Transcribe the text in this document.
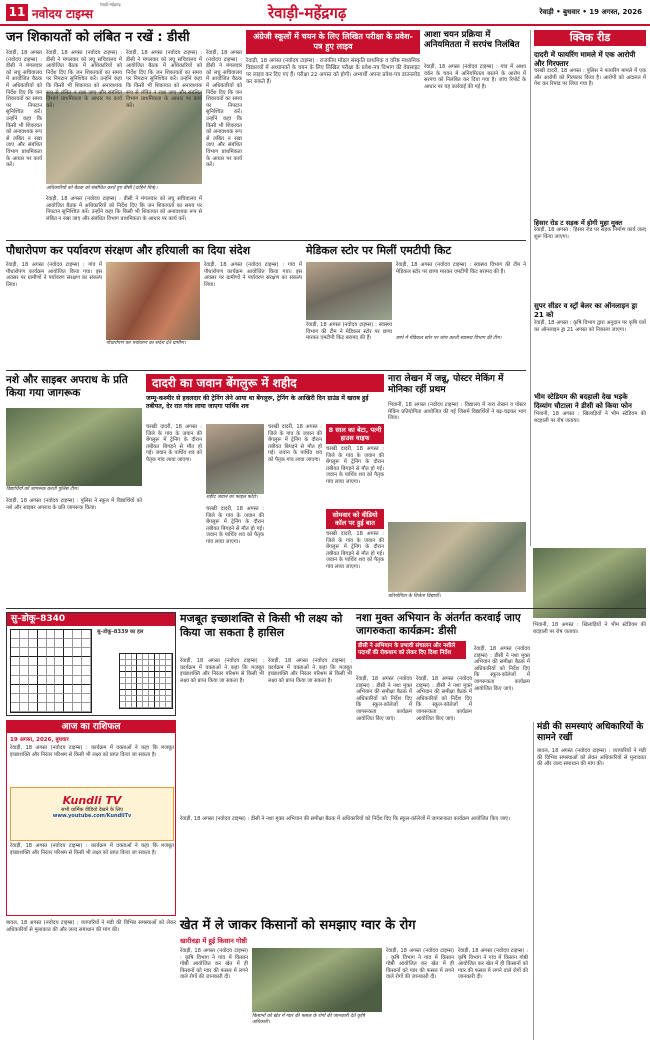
11 नवोदय टाइम्स
रेवाड़ी-महेंद्रगढ़	रेवाड़ी-महेंद्रगढ़	रेवाड़ी • बुधवार • 19 अगस्त, 2026
जन शिकायतों को लंबित न रखें : डीसी
रेवाड़ी, 18 अगस्त (नवोदय टाइम्स) : डीसी ने मंगलवार को लघु सचिवालय में आयोजित बैठक में अधिकारियों को निर्देश दिए कि जन शिकायतों का समय पर निपटान सुनिश्चित करें। उन्होंने कहा कि किसी भी शिकायत को अनावश्यक रूप से लंबित न रखा जाए और संबंधित विभाग प्राथमिकता के आधार पर कार्य करें।
रेवाड़ी, 18 अगस्त (नवोदय टाइम्स) : डीसी ने मंगलवार को लघु सचिवालय में आयोजित बैठक में अधिकारियों को निर्देश दिए कि जन शिकायतों का समय पर निपटान सुनिश्चित करें। उन्होंने कहा कि किसी भी शिकायत को अनावश्यक रूप से लंबित न रखा जाए और संबंधित विभाग प्राथमिकता के आधार पर कार्य करें।
रेवाड़ी, 18 अगस्त (नवोदय टाइम्स) : डीसी ने मंगलवार को लघु सचिवालय में आयोजित बैठक में अधिकारियों को निर्देश दिए कि जन शिकायतों का समय पर निपटान सुनिश्चित करें। उन्होंने कहा कि किसी भी शिकायत को अनावश्यक रूप से लंबित न रखा जाए और संबंधित विभाग प्राथमिकता के आधार पर कार्य करें।
रेवाड़ी, 18 अगस्त (नवोदय टाइम्स) : डीसी ने मंगलवार को लघु सचिवालय में आयोजित बैठक में अधिकारियों को निर्देश दिए कि जन शिकायतों का समय पर निपटान सुनिश्चित करें। उन्होंने कहा कि किसी भी शिकायत को अनावश्यक रूप से लंबित न रखा जाए और संबंधित विभाग प्राथमिकता के आधार पर कार्य करें।
अधिकारियों को बैठक को संबोधित करते हुए डीसी (दाहिने चित्र)।
रेवाड़ी, 18 अगस्त (नवोदय टाइम्स) : डीसी ने मंगलवार को लघु सचिवालय में आयोजित बैठक में अधिकारियों को निर्देश दिए कि जन शिकायतों का समय पर निपटान सुनिश्चित करें। उन्होंने कहा कि किसी भी शिकायत को अनावश्यक रूप से लंबित न रखा जाए और संबंधित विभाग प्राथमिकता के आधार पर कार्य करें।
अंग्रेजी स्कूलों में चयन के लिए लिखित परीक्षा के प्रवेश-पत्र हुए लाइव
रेवाड़ी, 18 अगस्त (नवोदय टाइम्स) : राजकीय मॉडल संस्कृति प्राथमिक व वरिष्ठ माध्यमिक विद्यालयों में अध्यापकों के चयन के लिए लिखित परीक्षा के प्रवेश-पत्र विभाग की वेबसाइट पर लाइव कर दिए गए हैं। परीक्षा 22 अगस्त को होगी। अभ्यर्थी अपना प्रवेश-पत्र डाउनलोड कर सकते हैं।
आशा चयन प्रक्रिया में अनियमितता में सरपंच निलंबित
रेवाड़ी, 18 अगस्त (नवोदय टाइम्स) : गांव में आशा वर्कर के चयन में अनियमितता बरतने के आरोप में सरपंच को निलंबित कर दिया गया है। जांच रिपोर्ट के आधार पर यह कार्रवाई की गई है।
क्विक रीड
दादरी में फायरिंग मामले में एक आरोपी और गिरफ्तार
चरखी दादरी, 18 अगस्त : पुलिस ने फायरिंग मामले में एक और आरोपी को गिरफ्तार किया है। आरोपी को अदालत में पेश कर रिमांड पर लिया गया है।
हिसार रोड ट सड़क में होगी मुहा मुक्त
रेवाड़ी, 18 अगस्त : हिसार रोड पर सड़क निर्माण कार्य जल्द शुरू किया जाएगा।
सुपर सीडर व स्ट्रॉ बेलर का ऑनलाइन ड्रा 21 को
रेवाड़ी, 18 अगस्त : कृषि विभाग द्वारा अनुदान पर कृषि यंत्रों का ऑनलाइन ड्रा 21 अगस्त को निकाला जाएगा।
भीम स्टेडियम की बदहाली देख भड़के दिव्यांग चौटाला ने डीसी को किया फोन
भिवानी, 18 अगस्त : खिलाड़ियों ने भीम स्टेडियम की बदहाली पर रोष जताया।
पौधारोपण कर पर्यावरण संरक्षण और हरियाली का दिया संदेश
रेवाड़ी, 18 अगस्त (नवोदय टाइम्स) : गांव में पौधारोपण कार्यक्रम आयोजित किया गया। इस अवसर पर ग्रामीणों ने पर्यावरण संरक्षण का संकल्प लिया।
पौधारोपण कर पर्यावरण का संदेश देते ग्रामीण।
रेवाड़ी, 18 अगस्त (नवोदय टाइम्स) : गांव में पौधारोपण कार्यक्रम आयोजित किया गया। इस अवसर पर ग्रामीणों ने पर्यावरण संरक्षण का संकल्प लिया।
मेडिकल स्टोर पर मिलीं एमटीपी किट
रेवाड़ी, 18 अगस्त (नवोदय टाइम्स) : स्वास्थ्य विभाग की टीम ने मेडिकल स्टोर पर छापा मारकर एमटीपी किट बरामद की हैं।
छापे में मेडिकल स्टोर पर जांच करती स्वास्थ्य विभाग की टीम।
रेवाड़ी, 18 अगस्त (नवोदय टाइम्स) : स्वास्थ्य विभाग की टीम ने मेडिकल स्टोर पर छापा मारकर एमटीपी किट बरामद की हैं।
नशे और साइबर अपराध के प्रति किया गया जागरूक
विद्यार्थियों को जागरूक करती पुलिस टीम।
रेवाड़ी, 18 अगस्त (नवोदय टाइम्स) : पुलिस ने स्कूल में विद्यार्थियों को नशे और साइबर अपराध के प्रति जागरूक किया।
दादरी का जवान बेंगलुरू में शहीद
जम्मू-कश्मीर से हवलदार की ट्रेनिंग लेने आया था बेंगलुरू, ट्रेनिंग के आखिरी दिन ग्राउंड में खराब हुई तबीयत, देर रात गांव लाया जाएगा पार्थिव शव
चरखी दादरी, 18 अगस्त : जिले के गांव के जवान की बेंगलुरू में ट्रेनिंग के दौरान तबीयत बिगड़ने से मौत हो गई। जवान के पार्थिव शव को पैतृक गांव लाया जाएगा।
शहीद जवान का फाइल फोटो।
चरखी दादरी, 18 अगस्त : जिले के गांव के जवान की बेंगलुरू में ट्रेनिंग के दौरान तबीयत बिगड़ने से मौत हो गई। जवान के पार्थिव शव को पैतृक गांव लाया जाएगा।
चरखी दादरी, 18 अगस्त : जिले के गांव के जवान की बेंगलुरू में ट्रेनिंग के दौरान तबीयत बिगड़ने से मौत हो गई। जवान के पार्थिव शव को पैतृक गांव लाया जाएगा।
8 साल का बेटा, पत्नी हाउस वाइफ
चरखी दादरी, 18 अगस्त : जिले के गांव के जवान की बेंगलुरू में ट्रेनिंग के दौरान तबीयत बिगड़ने से मौत हो गई। जवान के पार्थिव शव को पैतृक गांव लाया जाएगा।
सोमवार को वीडियो कॉल पर हुई बात
चरखी दादरी, 18 अगस्त : जिले के गांव के जवान की बेंगलुरू में ट्रेनिंग के दौरान तबीयत बिगड़ने से मौत हो गई। जवान के पार्थिव शव को पैतृक गांव लाया जाएगा।
नारा लेखन में जन्नू, पोस्टर मेकिंग में मोनिका रहीं प्रथम
भिवानी, 18 अगस्त (नवोदय टाइम्स) : विद्यालय में नारा लेखन व पोस्टर मेकिंग प्रतियोगिता आयोजित की गई जिसमें विद्यार्थियों ने बढ़-चढ़कर भाग लिया।
प्रतियोगिता के विजेता विद्यार्थी।
भिवानी, 18 अगस्त : खिलाड़ियों ने भीम स्टेडियम की बदहाली पर रोष जताया।
सु–डोकू–8340
सु–डोकू–8339 का हल
मजबूत इच्छाशक्ति से किसी भी लक्ष्य को किया जा सकता है हासिल
रेवाड़ी, 18 अगस्त (नवोदय टाइम्स) : कार्यक्रम में वक्ताओं ने कहा कि मजबूत इच्छाशक्ति और निरंतर परिश्रम से किसी भी लक्ष्य को प्राप्त किया जा सकता है।
रेवाड़ी, 18 अगस्त (नवोदय टाइम्स) : कार्यक्रम में वक्ताओं ने कहा कि मजबूत इच्छाशक्ति और निरंतर परिश्रम से किसी भी लक्ष्य को प्राप्त किया जा सकता है।
नशा मुक्त अभियान के अंतर्गत करवाई जाए जागरुकता कार्यक्रम: डीसी
डीसी ने अभियान के प्रभावी संचालन और नशीले पदार्थों की रोकथाम को लेकर दिए दिशा निर्देश
रेवाड़ी, 18 अगस्त (नवोदय टाइम्स) : डीसी ने नशा मुक्त अभियान की समीक्षा बैठक में अधिकारियों को निर्देश दिए कि स्कूल-कॉलेजों में जागरूकता कार्यक्रम आयोजित किए जाएं।
रेवाड़ी, 18 अगस्त (नवोदय टाइम्स) : डीसी ने नशा मुक्त अभियान की समीक्षा बैठक में अधिकारियों को निर्देश दिए कि स्कूल-कॉलेजों में जागरूकता कार्यक्रम आयोजित किए जाएं।
रेवाड़ी, 18 अगस्त (नवोदय टाइम्स) : डीसी ने नशा मुक्त अभियान की समीक्षा बैठक में अधिकारियों को निर्देश दिए कि स्कूल-कॉलेजों में जागरूकता कार्यक्रम आयोजित किए जाएं।
आज का राशिफल
19 अगस्त, 2026, बुधवार
रेवाड़ी, 18 अगस्त (नवोदय टाइम्स) : कार्यक्रम में वक्ताओं ने कहा कि मजबूत इच्छाशक्ति और निरंतर परिश्रम से किसी भी लक्ष्य को प्राप्त किया जा सकता है।
Kundli TV
सभी धार्मिक वीडियो देखने के लिए
www.youtube.com/KundliTv
रेवाड़ी, 18 अगस्त (नवोदय टाइम्स) : कार्यक्रम में वक्ताओं ने कहा कि मजबूत इच्छाशक्ति और निरंतर परिश्रम से किसी भी लक्ष्य को प्राप्त किया जा सकता है।
खेत में ले जाकर किसानों को समझाए ग्वार के रोग
खारीवड़ा में हुई किसान गोष्ठी
रेवाड़ी, 18 अगस्त (नवोदय टाइम्स) : कृषि विभाग ने गांव में किसान गोष्ठी आयोजित कर खेत में ही किसानों को ग्वार की फसल में लगने वाले रोगों की जानकारी दी।
किसानों को खेत में ग्वार की फसल के रोगों की जानकारी देते कृषि अधिकारी।
रेवाड़ी, 18 अगस्त (नवोदय टाइम्स) : कृषि विभाग ने गांव में किसान गोष्ठी आयोजित कर खेत में ही किसानों को ग्वार की फसल में लगने वाले रोगों की जानकारी दी।
रेवाड़ी, 18 अगस्त (नवोदय टाइम्स) : कृषि विभाग ने गांव में किसान गोष्ठी आयोजित कर खेत में ही किसानों को ग्वार की फसल में लगने वाले रोगों की जानकारी दी।
रेवाड़ी, 18 अगस्त (नवोदय टाइम्स) : डीसी ने नशा मुक्त अभियान की समीक्षा बैठक में अधिकारियों को निर्देश दिए कि स्कूल-कॉलेजों में जागरूकता कार्यक्रम आयोजित किए जाएं।
मंडी की समस्याएं अधिकारियों के सामने रखीं
बावल, 18 अगस्त (नवोदय टाइम्स) : व्यापारियों ने मंडी की विभिन्न समस्याओं को लेकर अधिकारियों से मुलाकात की और जल्द समाधान की मांग की।
बावल, 18 अगस्त (नवोदय टाइम्स) : व्यापारियों ने मंडी की विभिन्न समस्याओं को लेकर अधिकारियों से मुलाकात की और जल्द समाधान की मांग की।
